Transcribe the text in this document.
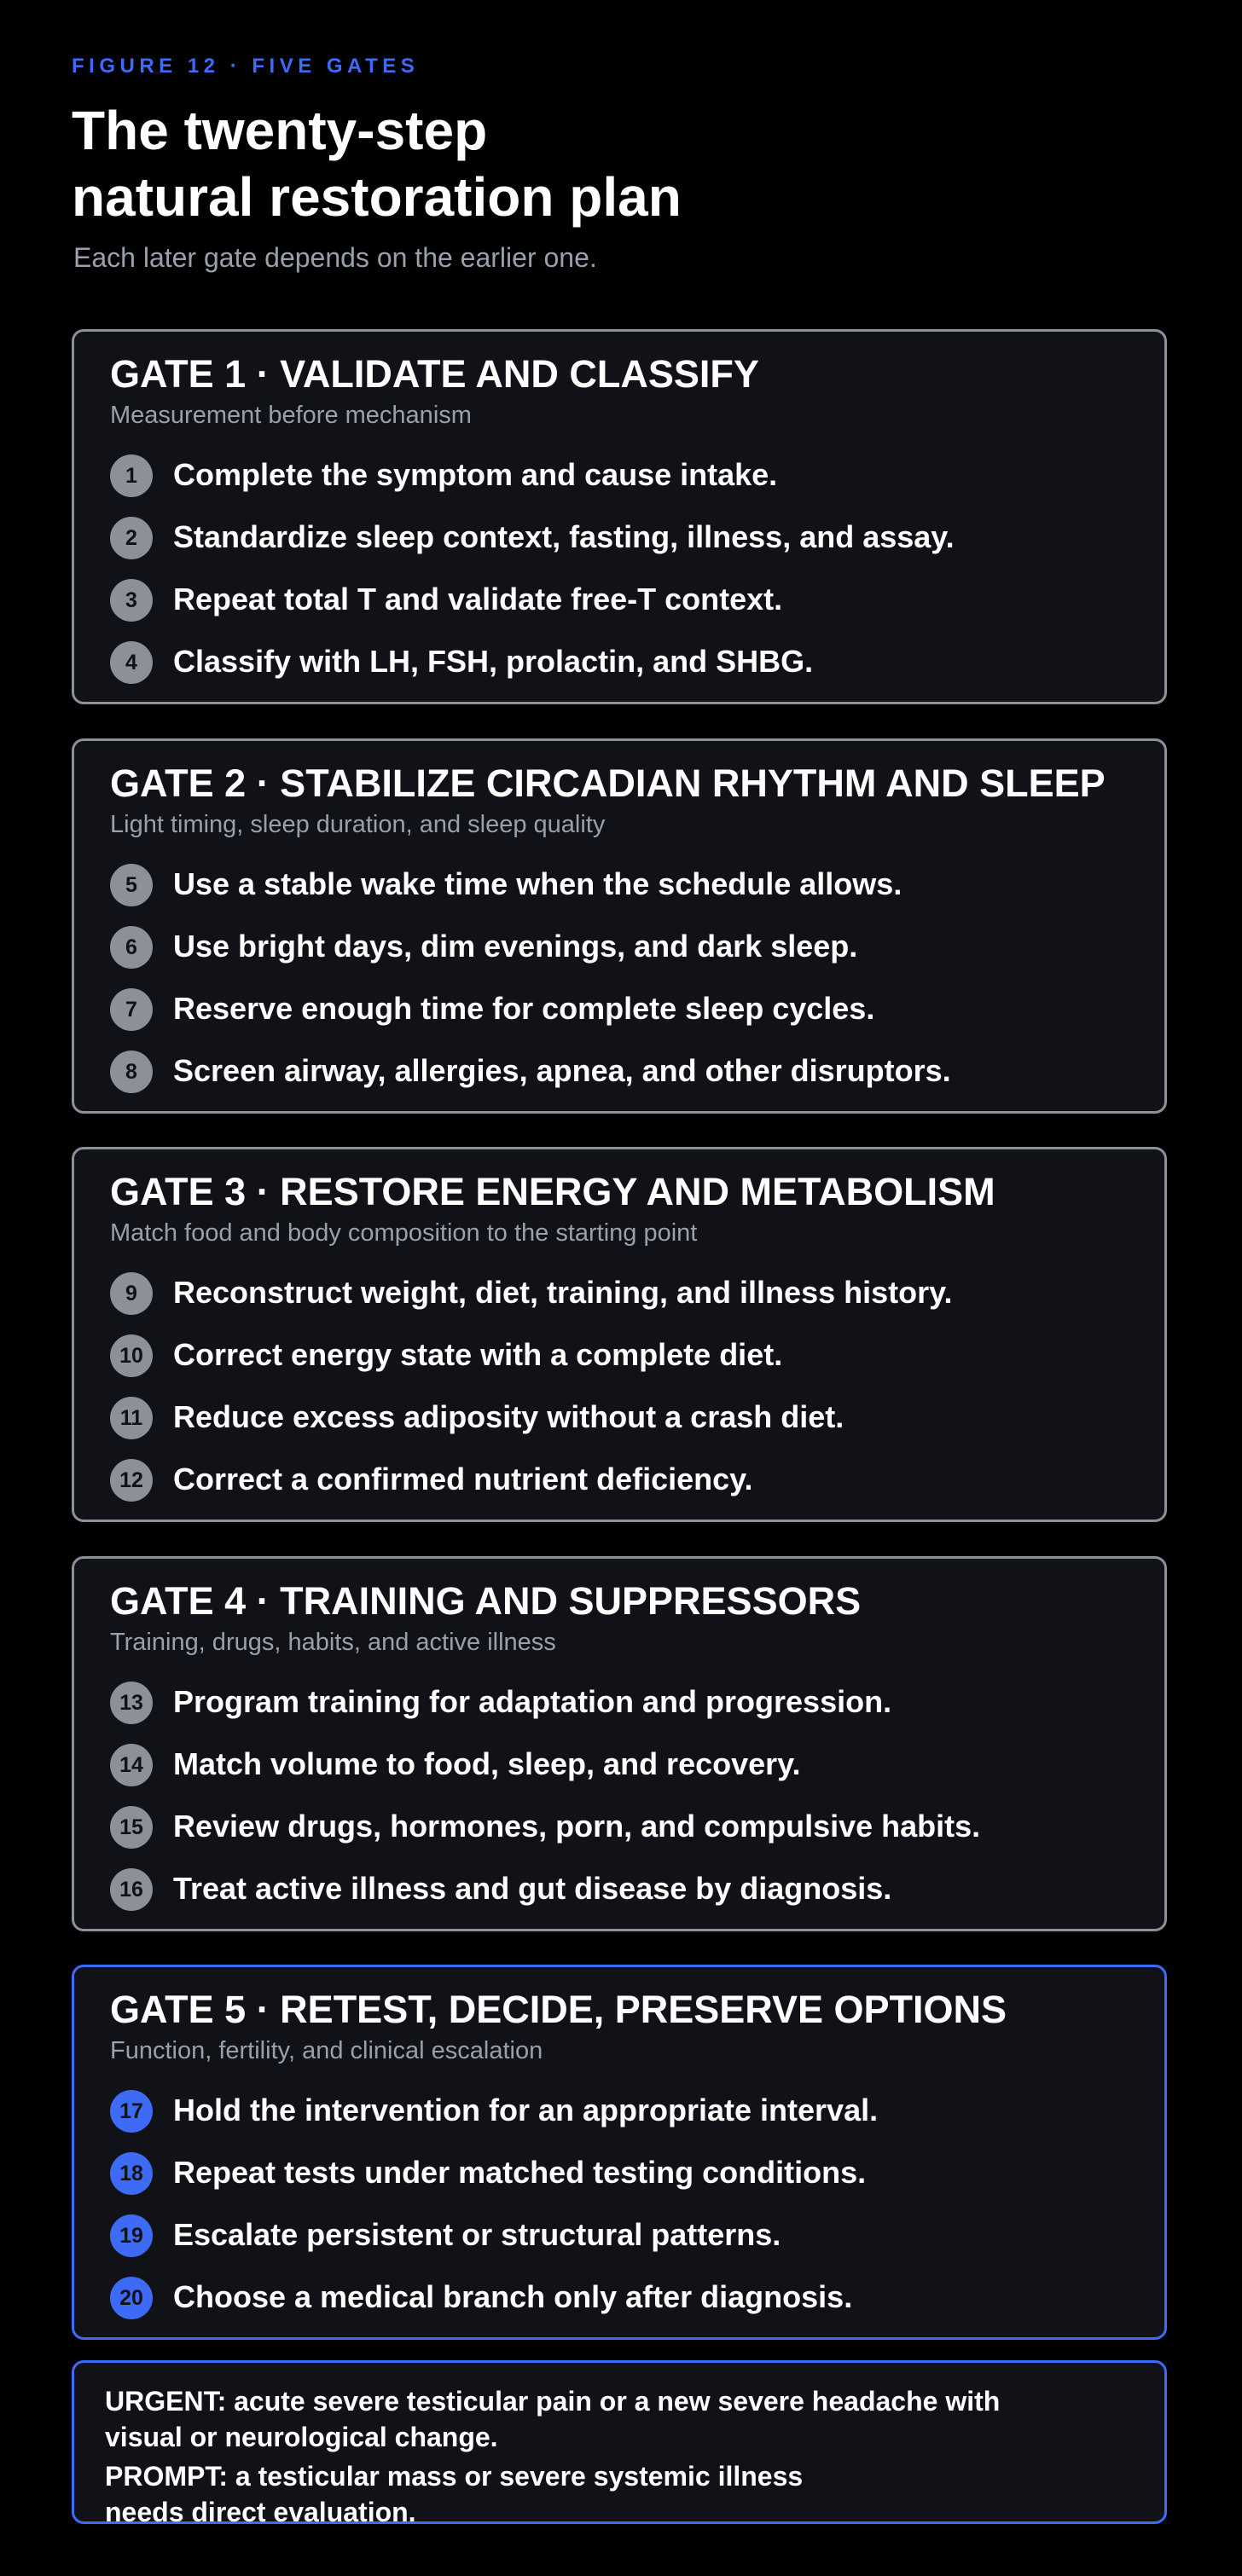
FIGURE 12 · FIVE GATES
The twenty-step
natural restoration plan
Each later gate depends on the earlier one.
GATE 1 · VALIDATE AND CLASSIFY
Measurement before mechanism
1	Complete the symptom and cause intake.
2	Standardize sleep context, fasting, illness, and assay.
3	Repeat total T and validate free-T context.
4	Classify with LH, FSH, prolactin, and SHBG.
GATE 2 · STABILIZE CIRCADIAN RHYTHM AND SLEEP
Light timing, sleep duration, and sleep quality
5	Use a stable wake time when the schedule allows.
6	Use bright days, dim evenings, and dark sleep.
7	Reserve enough time for complete sleep cycles.
8	Screen airway, allergies, apnea, and other disruptors.
GATE 3 · RESTORE ENERGY AND METABOLISM
Match food and body composition to the starting point
9	Reconstruct weight, diet, training, and illness history.
10 Correct energy state with a complete diet.
11 Reduce excess adiposity without a crash diet.
12 Correct a confirmed nutrient deficiency.
GATE 4 · TRAINING AND SUPPRESSORS
Training, drugs, habits, and active illness
13 Program training for adaptation and progression.
14 Match volume to food, sleep, and recovery.
15 Review drugs, hormones, porn, and compulsive habits.
16 Treat active illness and gut disease by diagnosis.
GATE 5 · RETEST, DECIDE, PRESERVE OPTIONS
Function, fertility, and clinical escalation
17 Hold the intervention for an appropriate interval.
18 Repeat tests under matched testing conditions.
19 Escalate persistent or structural patterns.
20 Choose a medical branch only after diagnosis.
URGENT: acute severe testicular pain or a new severe headache with
visual or neurological change.
PROMPT: a testicular mass or severe systemic illness
needs direct evaluation.
